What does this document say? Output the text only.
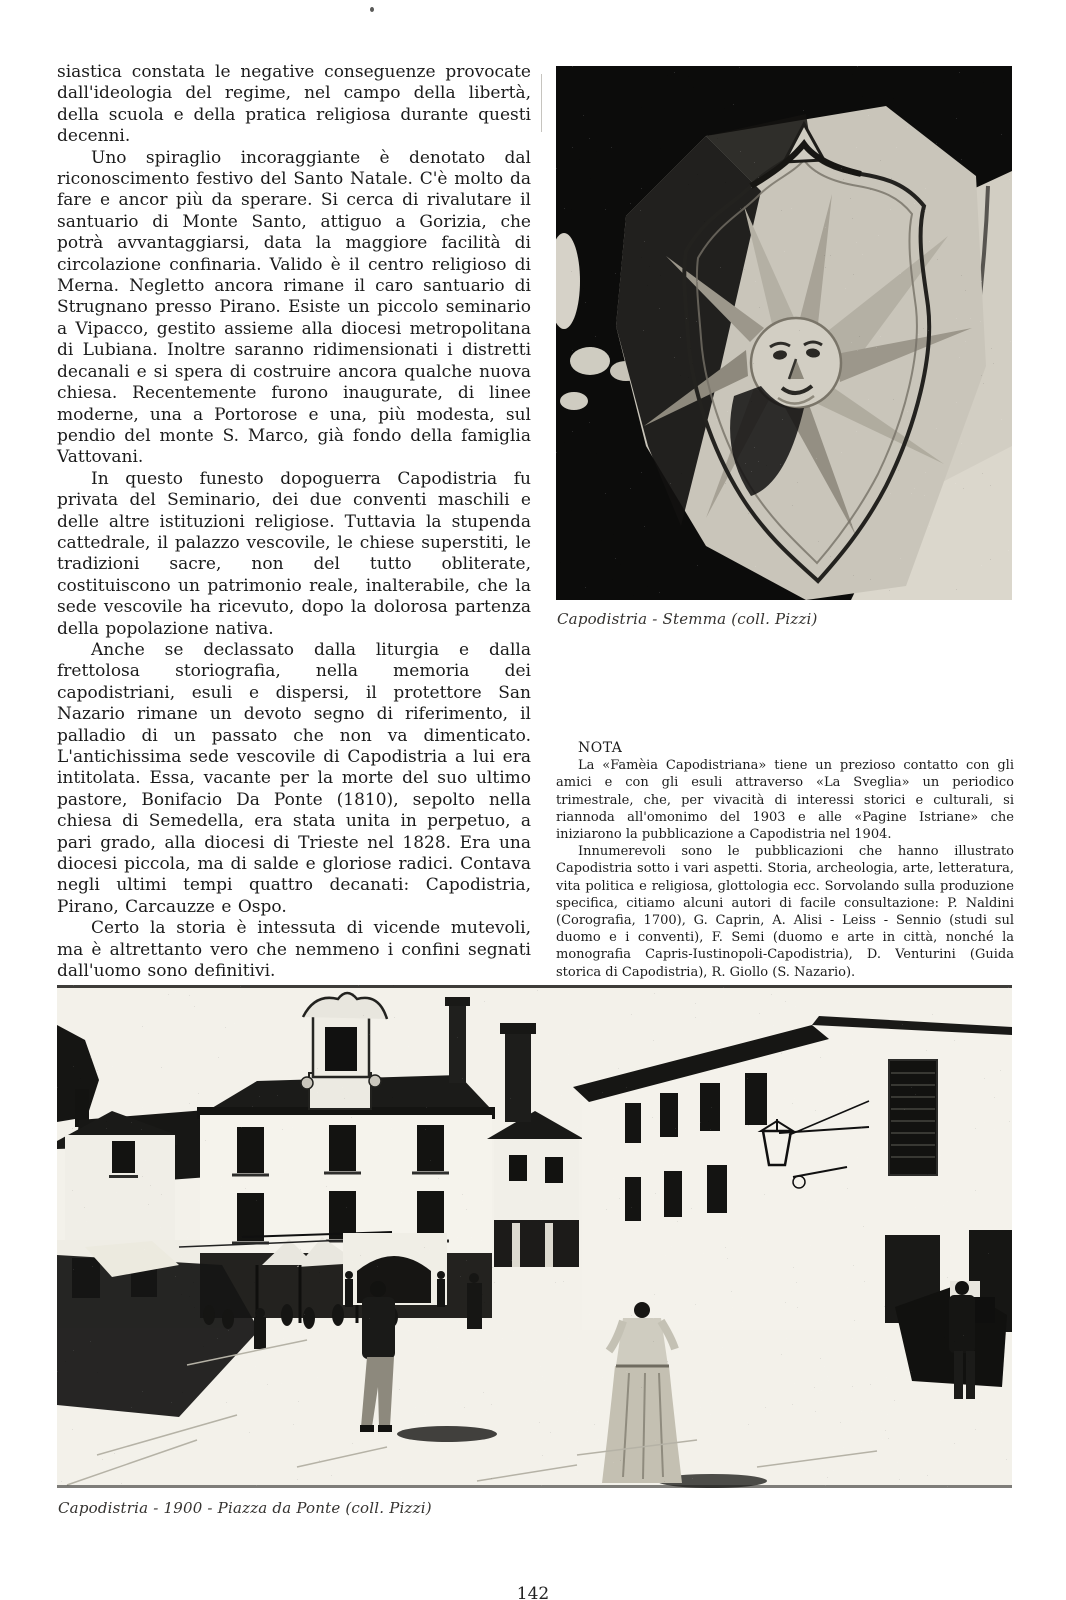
siastica constata le negative conseguenze provocate dall'ideologia del regime, nel campo della libertà, della scuola e della pratica religiosa durante questi decenni.

Uno spiraglio incoraggiante è denotato dal riconoscimento festivo del Santo Natale. C'è molto da fare e ancor più da sperare. Si cerca di rivalutare il santuario di Monte Santo, attiguo a Gorizia, che potrà avvantaggiarsi, data la maggiore facilità di circolazione confinaria. Valido è il centro religioso di Merna. Negletto ancora rimane il caro santuario di Strugnano presso Pirano. Esiste un piccolo seminario a Vipacco, gestito assieme alla diocesi metropolitana di Lubiana. Inoltre saranno ridimensionati i distretti decanali e si spera di costruire ancora qualche nuova chiesa. Recentemente furono inaugurate, di linee moderne, una a Portorose e una, più modesta, sul pendio del monte S. Marco, già fondo della famiglia Vattovani.

In questo funesto dopoguerra Capodistria fu privata del Seminario, dei due conventi maschili e delle altre istituzioni religiose. Tuttavia la stupenda cattedrale, il palazzo vescovile, le chiese superstiti, le tradizioni sacre, non del tutto obliterate, costituiscono un patrimonio reale, inalterabile, che la sede vescovile ha ricevuto, dopo la dolorosa partenza della popolazione nativa.

Anche se declassato dalla liturgia e dalla frettolosa storiografia, nella memoria dei capodistriani, esuli e dispersi, il protettore San Nazario rimane un devoto segno di riferimento, il palladio di un passato che non va dimenticato. L'antichissima sede vescovile di Capodistria a lui era intitolata. Essa, vacante per la morte del suo ultimo pastore, Bonifacio Da Ponte (1810), sepolto nella chiesa di Semedella, era stata unita in perpetuo, a pari grado, alla diocesi di Trieste nel 1828. Era una diocesi piccola, ma di salde e gloriose radici. Contava negli ultimi tempi quattro decanati: Capodistria, Pirano, Carcauzze e Ospo.

Certo la storia è intessuta di vicende mutevoli, ma è altrettanto vero che nemmeno i confini segnati dall'uomo sono definitivi.

Capodistria - Stemma (coll. Pizzi)

NOTA

La «Famèia Capodistriana» tiene un prezioso contatto con gli amici e con gli esuli attraverso «La Sveglia» un periodico trimestrale, che, per vivacità di interessi storici e culturali, si riannoda all'omonimo del 1903 e alle «Pagine Istriane» che iniziarono la pubblicazione a Capodistria nel 1904.

Innumerevoli sono le pubblicazioni che hanno illustrato Capodistria sotto i vari aspetti. Storia, archeologia, arte, letteratura, vita politica e religiosa, glottologia ecc. Sorvolando sulla produzione specifica, citiamo alcuni autori di facile consultazione: P. Naldini (Corografia, 1700), G. Caprin, A. Alisi - Leiss - Sennio (studi sul duomo e i conventi), F. Semi (duomo e arte in città, nonché la monografia Capris-Iustinopoli-Capodistria), D. Venturini (Guida storica di Capodistria), R. Giollo (S. Nazario).

Capodistria - 1900 - Piazza da Ponte (coll. Pizzi)
142
